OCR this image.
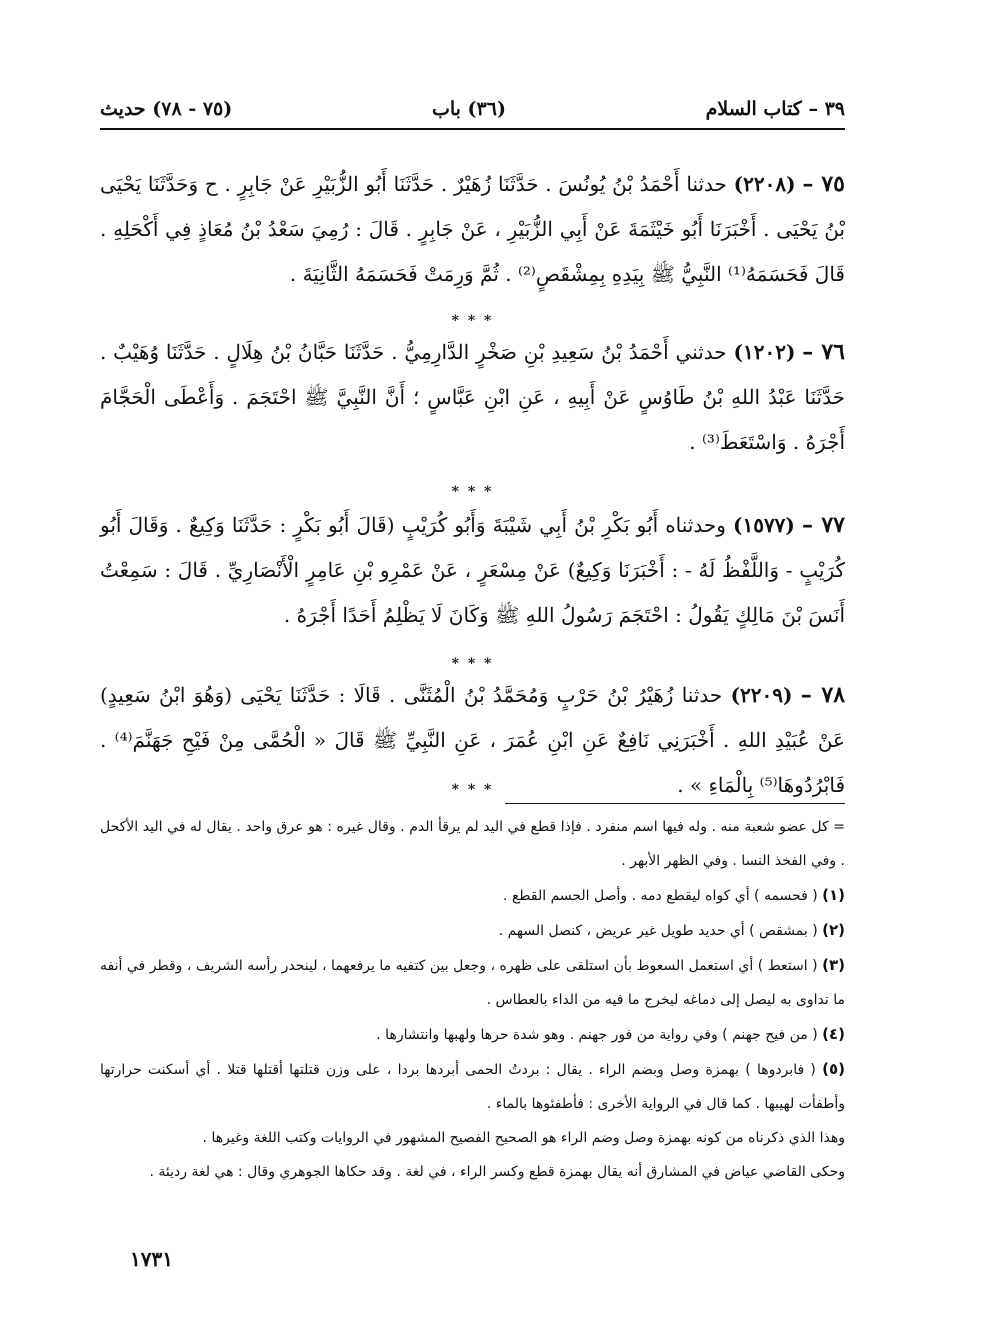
٣٩ – كتاب السلام
(٣٦) باب
(٧٥ - ٧٨) حديث
٧٥ – (٢٢٠٨) حدثنا أَحْمَدُ بْنُ يُونُسَ . حَدَّثَنَا زُهَيْرٌ . حَدَّثَنَا أَبُو الزُّبَيْرِ عَنْ جَابِرٍ . ح وَحَدَّثَنَا يَحْيَى بْنُ يَحْيَى . أَخْبَرَنَا أَبُو خَيْثَمَةَ عَنْ أَبِي الزُّبَيْرِ ، عَنْ جَابِرٍ . قَالَ : رُمِيَ سَعْدُ بْنُ مُعَاذٍ فِي أَكْحَلِهِ . قَالَ فَحَسَمَهُ⁽¹⁾ النَّبِيُّ ﷺ بِيَدِهِ بِمِشْقَصٍ⁽²⁾ . ثُمَّ وَرِمَتْ فَحَسَمَهُ الثَّانِيَةَ .
* * *
٧٦ – (١٢٠٢) حدثني أَحْمَدُ بْنُ سَعِيدِ بْنِ صَخْرٍ الدَّارِمِيُّ . حَدَّثَنَا حَبَّانُ بْنُ هِلَالٍ . حَدَّثَنَا وُهَيْبٌ . حَدَّثَنَا عَبْدُ اللهِ بْنُ طَاوُسٍ عَنْ أَبِيهِ ، عَنِ ابْنِ عَبَّاسٍ ؛ أَنَّ النَّبِيَّ ﷺ احْتَجَمَ . وَأَعْطَى الْحَجَّامَ أَجْرَهُ . وَاسْتَعَطَ⁽³⁾ .
* * *
٧٧ – (١٥٧٧) وحدثناه أَبُو بَكْرِ بْنُ أَبِي شَيْبَةَ وَأَبُو كُرَيْبٍ (قَالَ أَبُو بَكْرٍ : حَدَّثَنَا وَكِيعٌ . وَقَالَ أَبُو كُرَيْبٍ - وَاللَّفْظُ لَهُ - : أَخْبَرَنَا وَكِيعٌ) عَنْ مِسْعَرٍ ، عَنْ عَمْرِو بْنِ عَامِرٍ الْأَنْصَارِيِّ . قَالَ : سَمِعْتُ أَنَسَ بْنَ مَالِكٍ يَقُولُ : احْتَجَمَ رَسُولُ اللهِ ﷺ وَكَانَ لَا يَظْلِمُ أَحَدًا أَجْرَهُ .
* * *
٧٨ – (٢٢٠٩) حدثنا زُهَيْرُ بْنُ حَرْبٍ وَمُحَمَّدُ بْنُ الْمُثَنَّى . قَالَا : حَدَّثَنَا يَحْيَى (وَهُوَ ابْنُ سَعِيدٍ) عَنْ عُبَيْدِ اللهِ . أَخْبَرَنِي نَافِعٌ عَنِ ابْنِ عُمَرَ ، عَنِ النَّبِيِّ ﷺ قَالَ « الْحُمَّى مِنْ فَيْحِ جَهَنَّمَ⁽⁴⁾ . فَابْرُدُوهَا⁽⁵⁾ بِالْمَاءِ » .
* * *

= كل عضو شعبة منه . وله فيها اسم منفرد . فإذا قطع في اليد لم يرقأ الدم . وقال غيره : هو عرق واحد . يقال له في اليد الأكحل . وفي الفخذ النسا . وفي الظهر الأبهر .

(١) ( فحسمه ) أي كواه ليقطع دمه . وأصل الحسم القطع .

(٢) ( بمشقص ) أي حديد طويل غير عريض ، كنصل السهم .

(٣) ( استعط ) أي استعمل السعوط بأن استلقى على ظهره ، وجعل بين كتفيه ما يرفعهما ، لينحدر رأسه الشريف ، وقطر في أنفه ما تداوى به ليصل إلى دماغه ليخرج ما فيه من الداء بالعطاس .

(٤) ( من فيح جهنم ) وفي رواية من فور جهنم . وهو شدة حرها ولهبها وانتشارها .

(٥) ( فابردوها ) بهمزة وصل وبضم الراء . يقال : بردتُ الحمى أبردها بردا ، على وزن قتلتها أقتلها قتلا . أي أسكنت حرارتها وأطفأت لهيبها . كما قال في الرواية الأخرى : فأطفئوها بالماء .

وهذا الذي ذكرناه من كونه بهمزة وصل وضم الراء هو الصحيح الفصيح المشهور في الروايات وكتب اللغة وغيرها .

وحكى القاضي عياض في المشارق أنه يقال بهمزة قطع وكسر الراء ، في لغة . وقد حكاها الجوهري وقال : هي لغة رديئة .

١٧٣١
